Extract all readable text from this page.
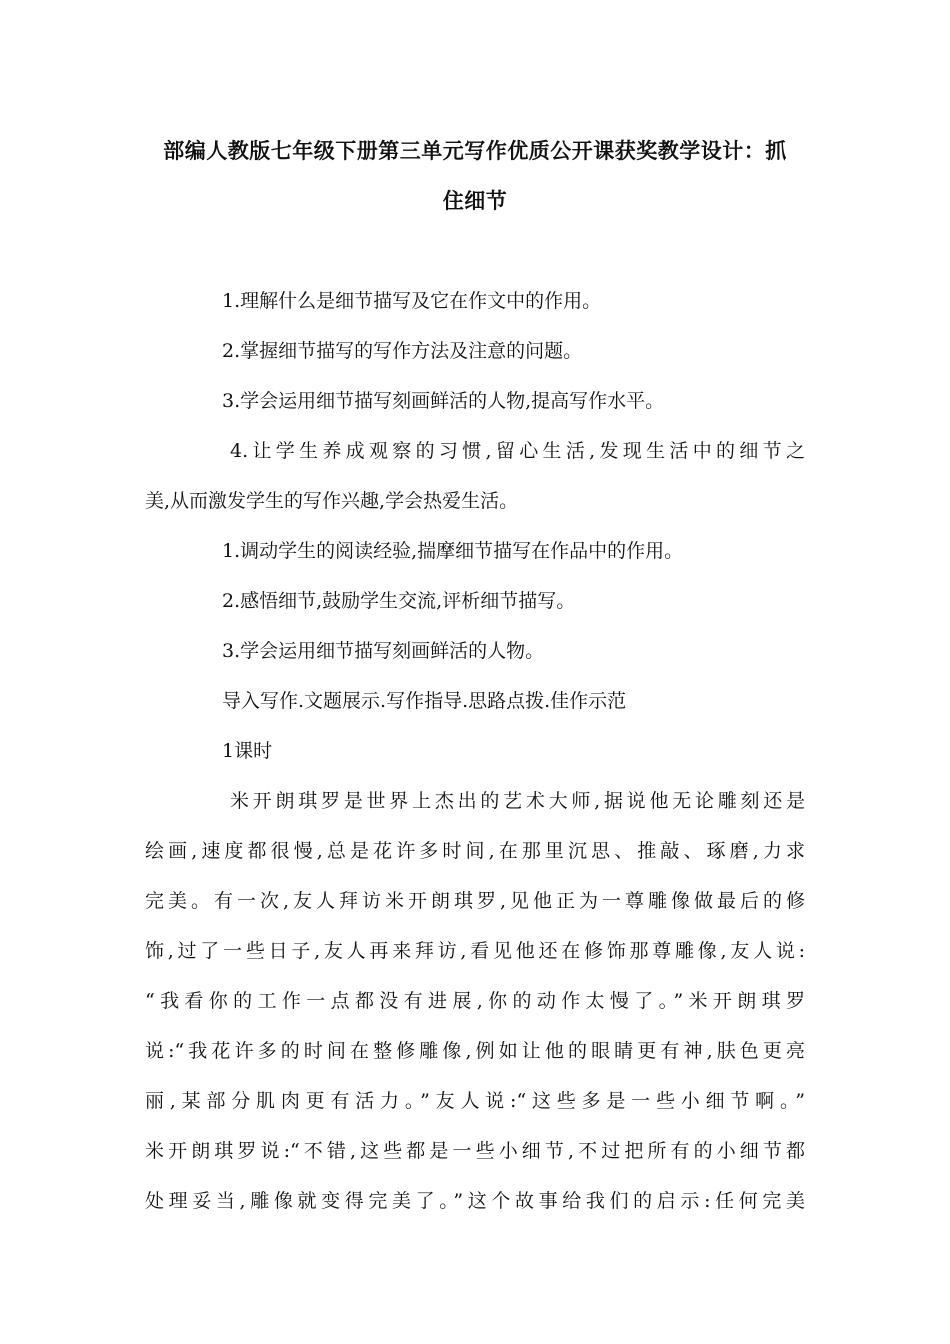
部编人教版七年级下册第三单元写作优质公开课获奖教学设计：抓
住细节
1.理解什么是细节描写及它在作文中的作用。
2.掌握细节描写的写作方法及注意的问题。
3.学会运用细节描写刻画鲜活的人物,提高写作水平。
4.让学生养成观察的习惯,留心生活,发现生活中的细节之
美,从而激发学生的写作兴趣,学会热爱生活。
1.调动学生的阅读经验,揣摩细节描写在作品中的作用。
2.感悟细节,鼓励学生交流,评析细节描写。
3.学会运用细节描写刻画鲜活的人物。
导入写作.文题展示.写作指导.思路点拨.佳作示范
1课时
米开朗琪罗是世界上杰出的艺术大师,据说他无论雕刻还是
绘画,速度都很慢,总是花许多时间,在那里沉思、推敲、琢磨,力求
完美。有一次,友人拜访米开朗琪罗,见他正为一尊雕像做最后的修
饰,过了一些日子,友人再来拜访,看见他还在修饰那尊雕像,友人说:
“我看你的工作一点都没有进展,你的动作太慢了。”米开朗琪罗
说:“我花许多的时间在整修雕像,例如让他的眼睛更有神,肤色更亮
丽,某部分肌肉更有活力。”友人说:“这些多是一些小细节啊。”
米开朗琪罗说:“不错,这些都是一些小细节,不过把所有的小细节都
处理妥当,雕像就变得完美了。”这个故事给我们的启示:任何完美
